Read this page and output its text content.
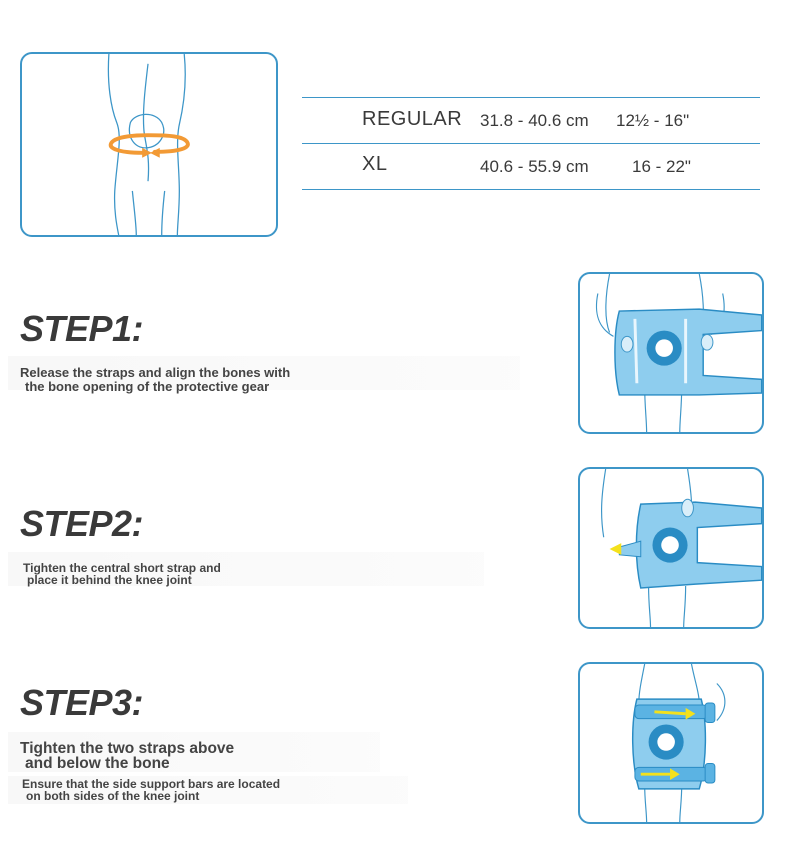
REGULAR 31.8 - 40.6 cm 12½ - 16"
XL	40.6 - 55.9 cm	16 - 22"
STEP1:
Release the straps and align the bones with
the bone opening of the protective gear
STEP2:
Tighten the central short strap and
place it behind the knee joint
STEP3:
Tighten the two straps above
and below the bone
Ensure that the side support bars are located
on both sides of the knee joint
